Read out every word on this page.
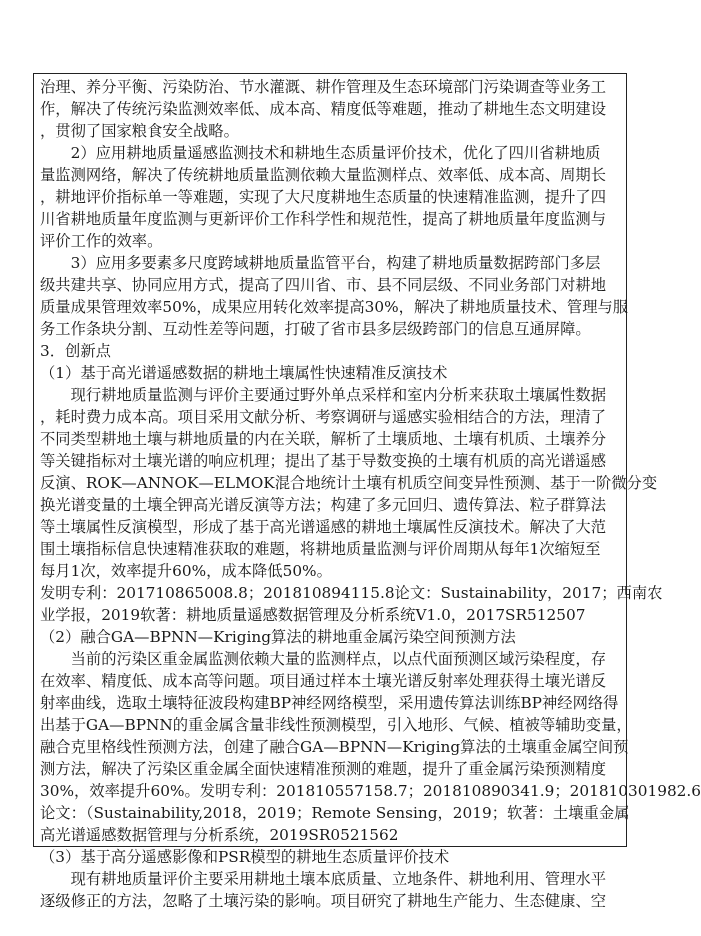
治理、养分平衡、污染防治、节水灌溉、耕作管理及生态环境部门污染调查等业务工
作，解决了传统污染监测效率低、成本高、精度低等难题，推动了耕地生态文明建设
，贯彻了国家粮食安全战略。
　　2）应用耕地质量遥感监测技术和耕地生态质量评价技术，优化了四川省耕地质
量监测网络，解决了传统耕地质量监测依赖大量监测样点、效率低、成本高、周期长
，耕地评价指标单一等难题，实现了大尺度耕地生态质量的快速精准监测，提升了四
川省耕地质量年度监测与更新评价工作科学性和规范性，提高了耕地质量年度监测与
评价工作的效率。
　　3）应用多要素多尺度跨域耕地质量监管平台，构建了耕地质量数据跨部门多层
级共建共享、协同应用方式，提高了四川省、市、县不同层级、不同业务部门对耕地
质量成果管理效率50%，成果应用转化效率提高30%，解决了耕地质量技术、管理与服
务工作条块分割、互动性差等问题，打破了省市县多层级跨部门的信息互通屏障。
3．创新点
（1）基于高光谱遥感数据的耕地土壤属性快速精准反演技术
　　现行耕地质量监测与评价主要通过野外单点采样和室内分析来获取土壤属性数据
，耗时费力成本高。项目采用文献分析、考察调研与遥感实验相结合的方法，理清了
不同类型耕地土壤与耕地质量的内在关联，解析了土壤质地、土壤有机质、土壤养分
等关键指标对土壤光谱的响应机理；提出了基于导数变换的土壤有机质的高光谱遥感
反演、ROK—ANNOK—ELMOK混合地统计土壤有机质空间变异性预测、基于一阶微分变
换光谱变量的土壤全钾高光谱反演等方法；构建了多元回归、遗传算法、粒子群算法
等土壤属性反演模型，形成了基于高光谱遥感的耕地土壤属性反演技术。解决了大范
围土壤指标信息快速精准获取的难题，将耕地质量监测与评价周期从每年1次缩短至
每月1次，效率提升60%，成本降低50%。
发明专利：201710865008.8；201810894115.8论文：Sustainability，2017；西南农
业学报，2019软著：耕地质量遥感数据管理及分析系统V1.0，2017SR512507
（2）融合GA—BPNN—Kriging算法的耕地重金属污染空间预测方法
　　当前的污染区重金属监测依赖大量的监测样点，以点代面预测区域污染程度，存
在效率、精度低、成本高等问题。项目通过样本土壤光谱反射率处理获得土壤光谱反
射率曲线，选取土壤特征波段构建BP神经网络模型，采用遗传算法训练BP神经网络得
出基于GA—BPNN的重金属含量非线性预测模型，引入地形、气候、植被等辅助变量，
融合克里格线性预测方法，创建了融合GA—BPNN—Kriging算法的土壤重金属空间预
测方法，解决了污染区重金属全面快速精准预测的难题，提升了重金属污染预测精度
30%，效率提升60%。发明专利：201810557158.7；201810890341.9；201810301982.6
论文：（Sustainability,2018，2019；Remote Sensing，2019；软著：土壤重金属
高光谱遥感数据管理与分析系统，2019SR0521562
（3）基于高分遥感影像和PSR模型的耕地生态质量评价技术
　　现有耕地质量评价主要采用耕地土壤本底质量、立地条件、耕地利用、管理水平
逐级修正的方法，忽略了土壤污染的影响。项目研究了耕地生产能力、生态健康、空
